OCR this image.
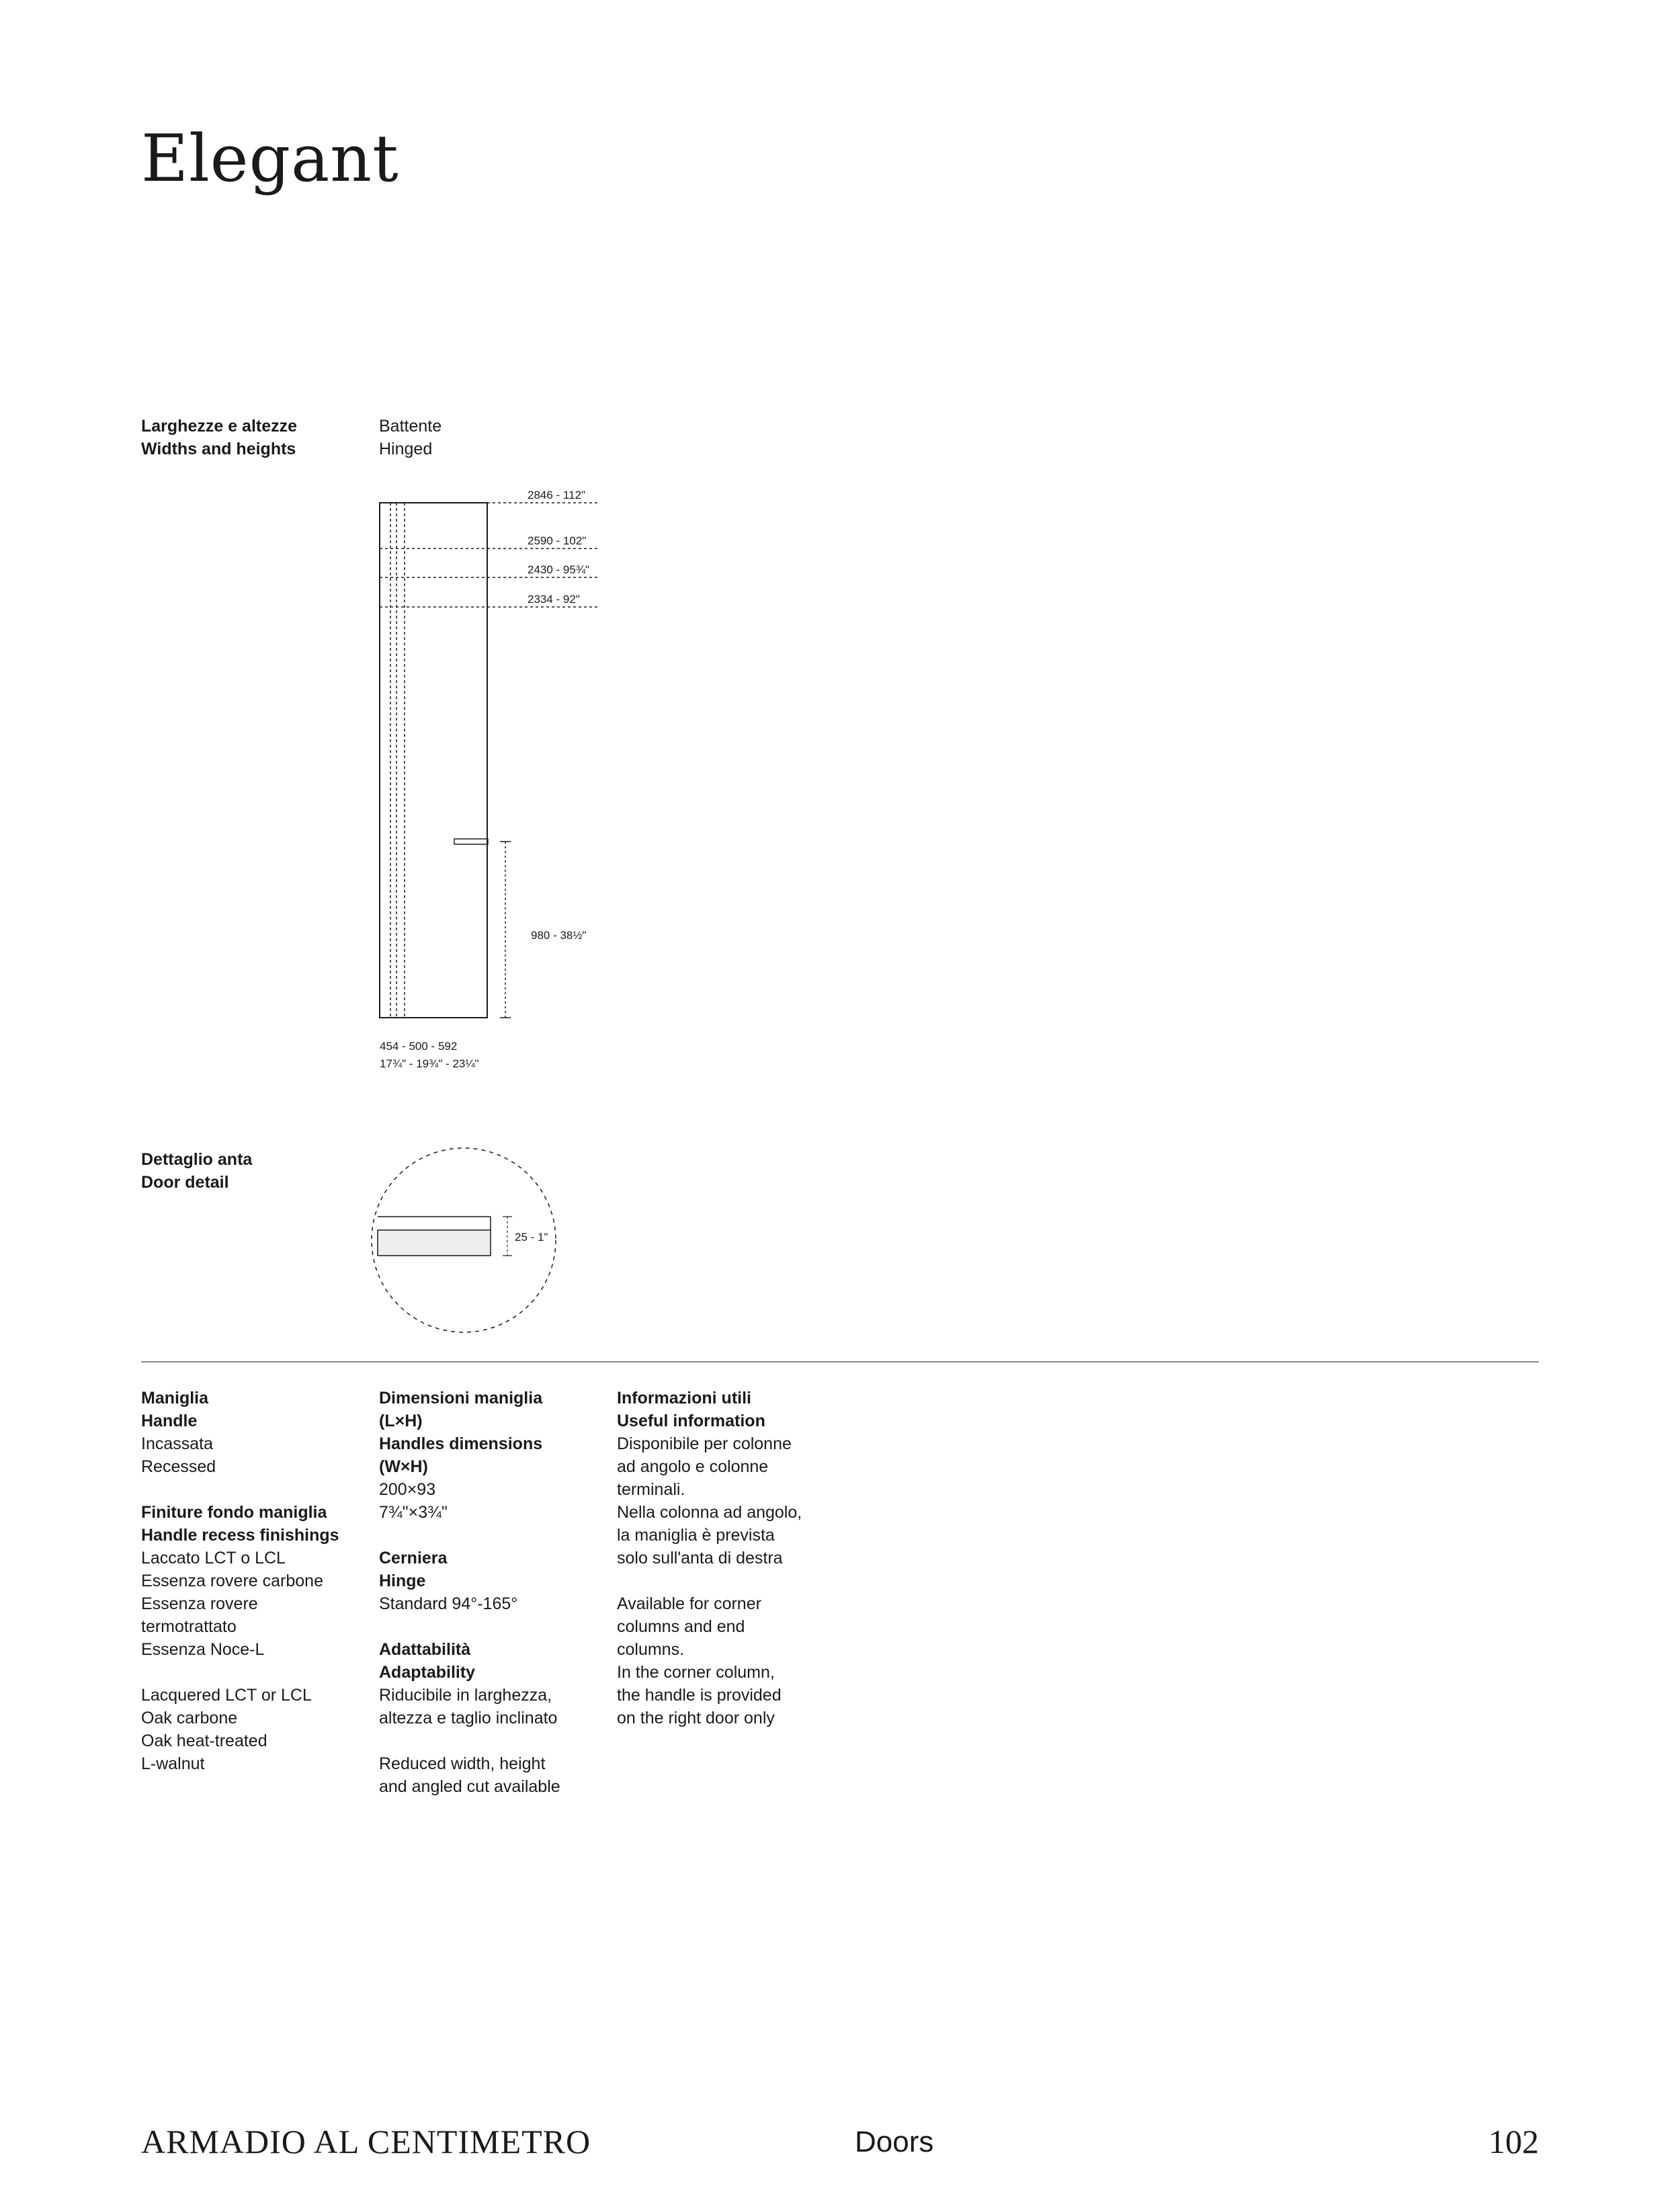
Elegant
Larghezze e altezze
Widths and heights
Battente
Hinged
2846 - 112"
2590 - 102"
2430 - 95¾"
2334 - 92"
980 - 38½"
454 - 500 - 592
17¾" - 19¾" - 23¼"
Dettaglio anta
Door detail
25 - 1"
Maniglia
Handle
Incassata
Recessed
Finiture fondo maniglia
Handle recess finishings
Laccato LCT o LCL
Essenza rovere carbone
Essenza rovere
termotrattato
Essenza Noce-L
Lacquered LCT or LCL
Oak carbone
Oak heat-treated
L-walnut
Dimensioni maniglia
(L×H)
Handles dimensions
(W×H)
200×93
7¾"×3¾"
Cerniera
Hinge
Standard 94°-165°
Adattabilità
Adaptability
Riducibile in larghezza,
altezza e taglio inclinato
Reduced width, height
and angled cut available
Informazioni utili
Useful information
Disponibile per colonne
ad angolo e colonne
terminali.
Nella colonna ad angolo,
la maniglia è prevista
solo sull'anta di destra
Available for corner
columns and end
columns.
In the corner column,
the handle is provided
on the right door only
ARMADIO AL CENTIMETRO	Doors	102
